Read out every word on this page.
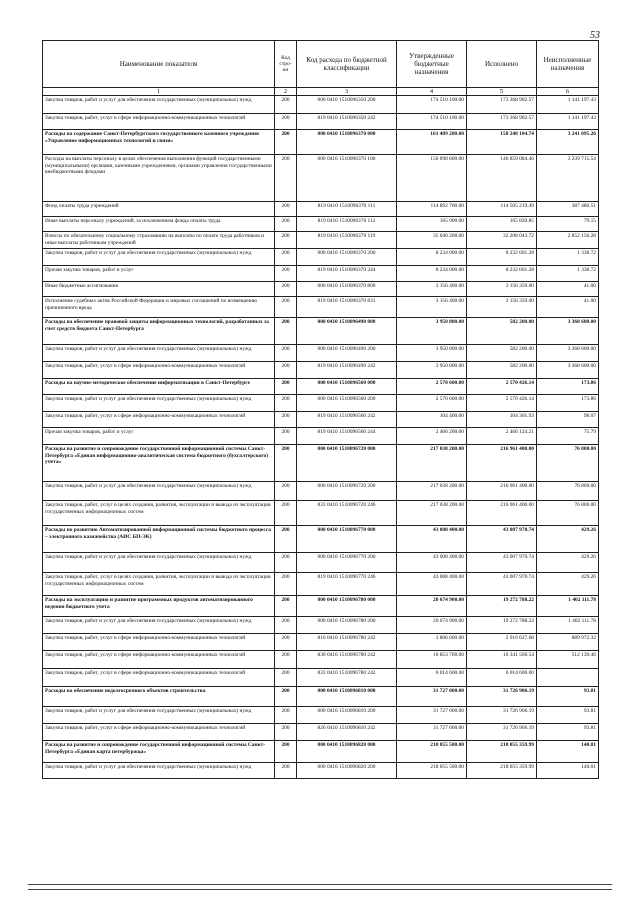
53
Наименование показателя	Код стро- ки	Код расхода по бюджетной классификации	Утвержденные бюджетные назначения	Исполнено	Неисполненные назначения
1	2	3	4	5	6
Закупка товаров, работ и услуг для обеспечения государственных (муниципальных) нужд	200	000 0410 1510096350 200	174 510 100.00	173 368 902.57	1 141 197.43
Закупка товаров, работ, услуг в сфере информационно-коммуникационных технологий	200	819 0410 1510096350 242	174 510 100.00	173 368 902.57	1 141 197.43
Расходы на содержание Санкт-Петербургского государственного казенного учреждения «Управление информационных технологий и связи»	200	000 0410 1510096370 000	161 489 200.00	158 248 104.74	3 241 095.26
Расходы на выплаты персоналу в целях обеспечения выполнения функций государственными (муниципальными) органами, казенными учреждениями, органами управления государственными внебюджетными фондами	200	000 0410 1510096370 100	150 098 800.00	146 859 084.46	3 239 715.54
Фонд оплаты труда учреждений	200	819 0410 1510096370 111	114 892 700.00	114 505 219.49	387 480.51
Иные выплаты персоналу учреждений, за исключением фонда оплаты труда	200	819 0410 1510096370 112	165 900.00	165 820.85	79.15
Взносы по обязательному социальному страхованию на выплаты по оплате труда работников и иные выплаты работникам учреждений	200	819 0410 1510096370 119	35 040 200.00	32 208 043.72	2 852 156.28
Закупка товаров, работ и услуг для обеспечения государственных (муниципальных) нужд	200	000 0410 1510096370 200	8 234 000.00	8 232 661.28	1 338.72
Прочая закупка товаров, работ и услуг	200	819 0410 1510096370 244	8 234 000.00	8 232 661.28	1 338.72
Иные бюджетные ассигнования	200	000 0410 1510096370 800	3 156 400.00	3 156 359.00	41.00
Исполнение судебных актов Российской Федерации и мировых соглашений по возмещению причиненного вреда	200	819 0410 1510096370 831	3 156 400.00	3 156 359.00	41.00
Расходы на обеспечение правовой защиты информационных технологий, разработанных за счет средств бюджета Санкт-Петербурга	200	000 0410 1510096490 000	3 950 800.00	582 200.00	3 368 600.00
Закупка товаров, работ и услуг для обеспечения государственных (муниципальных) нужд	200	000 0410 1510096490 200	3 950 800.00	582 200.00	3 368 600.00
Закупка товаров, работ, услуг в сфере информационно-коммуникационных технологий	200	819 0410 1510096490 242	3 950 800.00	582 200.00	3 368 600.00
Расходы на научно-методическое обеспечение информатизации в Санкт-Петербурге	200	000 0410 1510096560 000	2 570 600.00	2 570 426.14	173.86
Закупка товаров, работ и услуг для обеспечения государственных (муниципальных) нужд	200	000 0410 1510096560 200	2 570 600.00	2 570 426.14	173.86
Закупка товаров, работ, услуг в сфере информационно-коммуникационных технологий	200	819 0410 1510096560 242	104 400.00	104 301.93	98.07
Прочая закупка товаров, работ и услуг	200	819 0410 1510096560 244	2 466 200.00	2 466 124.21	75.79
Расходы на развитие и сопровождение государственной информационной системы Санкт-Петербурга «Единая информационно-аналитическая система бюджетного (бухгалтерского) учета»	200	000 0410 1510096720 000	217 038 200.00	216 961 400.00	76 800.00
Закупка товаров, работ и услуг для обеспечения государственных (муниципальных) нужд	200	000 0410 1510096720 200	217 038 200.00	216 961 400.00	76 800.00
Закупка товаров, работ, услуг в целях создания, развития, эксплуатации и вывода из эксплуатации государственных информационных систем	200	833 0410 1510096720 246	217 038 200.00	216 961 400.00	76 800.00
Расходы по развитию Автоматизированной информационной системы бюджетного процесса – электронного казначейства (АИС БП-ЭК)	200	000 0410 1510096770 000	43 008 400.00	43 007 970.74	429.26
Закупка товаров, работ и услуг для обеспечения государственных (муниципальных) нужд	200	000 0410 1510096770 200	43 008 400.00	43 007 970.74	429.26
Закупка товаров, работ, услуг в целях создания, развития, эксплуатации и вывода из эксплуатации государственных информационных систем	200	819 0410 1510096770 246	43 008 400.00	43 007 970.74	429.26
Расходы на эксплуатацию и развитие программных продуктов автоматизированного ведения бюджетного учета	200	000 0410 1510096780 000	20 674 900.00	19 272 788.22	1 402 111.78
Закупка товаров, работ и услуг для обеспечения государственных (муниципальных) нужд	200	000 0410 1510096780 200	20 674 900.00	19 272 788.22	1 402 111.78
Закупка товаров, работ, услуг в сфере информационно-коммуникационных технологий	200	816 0410 1510096780 242	3 806 600.00	2 916 627.68	889 972.32
Закупка товаров, работ, услуг в сфере информационно-коммуникационных технологий	200	830 0410 1510096780 242	10 853 700.00	10 341 560.54	512 139.46
Закупка товаров, работ, услуг в сфере информационно-коммуникационных технологий	200	833 0410 1510096780 242	6 014 600.00	6 014 600.00	
Расходы на обеспечение недолгосрочного объектов строительства	200	000 0410 1510096810 000	31 727 000.00	31 726 906.19	93.81
Закупка товаров, работ и услуг для обеспечения государственных (муниципальных) нужд	200	000 0410 1510096810 200	31 727 000.00	31 726 906.19	93.81
Закупка товаров, работ, услуг в сфере информационно-коммуникационных технологий	200	826 0410 1510096810 242	31 727 000.00	31 726 906.19	93.81
Расходы на развитие и сопровождение государственной информационной системы Санкт-Петербурга «Единая карта петербуржца»	200	000 0410 1510096820 000	218 055 500.00	218 055 359.99	140.01
Закупка товаров, работ и услуг для обеспечения государственных (муниципальных) нужд	200	000 0410 1510096820 200	218 055 500.00	218 055 359.99	140.01
